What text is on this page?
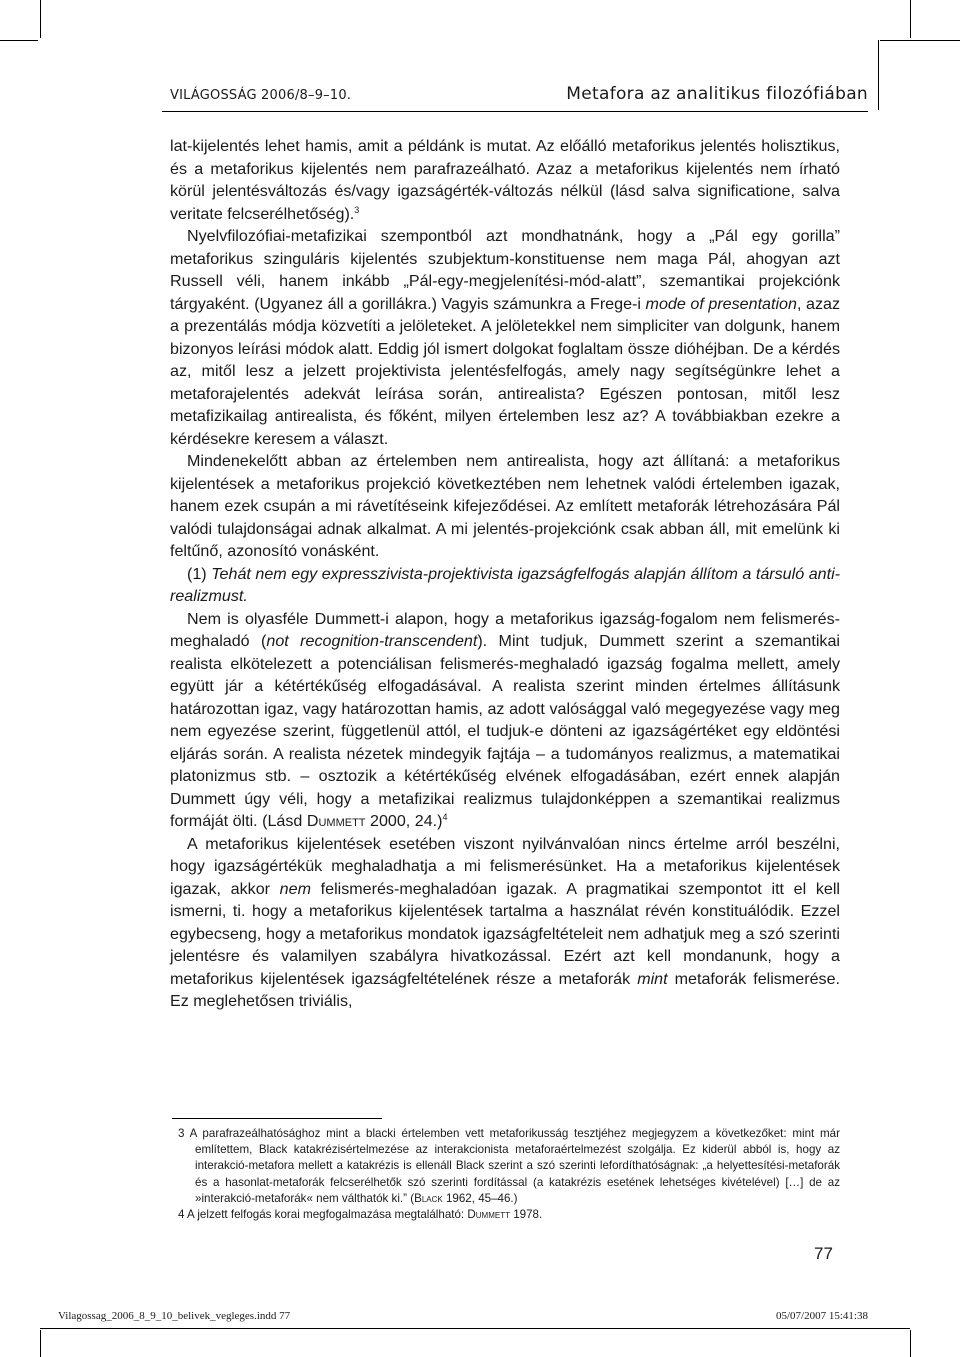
VILÁGOSSÁG 2006/8–9–10.	Metafora az analitikus filozófiában

lat-kijelentés lehet hamis, amit a példánk is mutat. Az előálló metaforikus jelentés holisztikus, és a metaforikus kijelentés nem parafrazeálható. Azaz a metaforikus kijelentés nem írható körül jelentésváltozás és/vagy igazságérték-változás nélkül (lásd salva significatione, salva veritate felcserélhetőség).$^3$

Nyelvfilozófiai-metafizikai szempontból azt mondhatnánk, hogy a „Pál egy gorilla” metaforikus szinguláris kijelentés szubjektum-konstituense nem maga Pál, ahogyan azt Russell véli, hanem inkább „Pál-egy-megjelenítési-mód-alatt”, szemantikai projekciónk tárgyaként. (Ugyanez áll a gorillákra.) Vagyis számunkra a Frege-i mode of presentation, azaz a prezentálás módja közvetíti a jelöleteket. A jelöletekkel nem simpliciter van dolgunk, hanem bizonyos leírási módok alatt. Eddig jól ismert dolgokat foglaltam össze dióhéjban. De a kérdés az, mitől lesz a jelzett projektivista jelentésfelfogás, amely nagy segítségünkre lehet a metaforajelentés adekvát leírása során, antirealista? Egészen pontosan, mitől lesz metafizikailag antirealista, és főként, milyen értelemben lesz az? A továbbiakban ezekre a kérdésekre keresem a választ.

Mindenekelőtt abban az értelemben nem antirealista, hogy azt állítaná: a metaforikus kijelentések a metaforikus projekció következtében nem lehetnek valódi értelemben igazak, hanem ezek csupán a mi rávetítéseink kifejeződései. Az említett metaforák létrehozására Pál valódi tulajdonságai adnak alkalmat. A mi jelentés-projekciónk csak abban áll, mit emelünk ki feltűnő, azonosító vonásként.

(1) Tehát nem egy expresszivista-projektivista igazságfelfogás alapján állítom a társuló anti-realizmust.

Nem is olyasféle Dummett-i alapon, hogy a metaforikus igazság-fogalom nem felismerés-meghaladó (not recognition-transcendent). Mint tudjuk, Dummett szerint a szemantikai realista elkötelezett a potenciálisan felismerés-meghaladó igazság fogalma mellett, amely együtt jár a kétértékűség elfogadásával. A realista szerint minden értelmes állításunk határozottan igaz, vagy határozottan hamis, az adott valósággal való megegyezése vagy meg nem egyezése szerint, függetlenül attól, el tudjuk-e dönteni az igazságértéket egy eldöntési eljárás során. A realista nézetek mindegyik fajtája – a tudományos realizmus, a matematikai platonizmus stb. – osztozik a kétértékűség elvének elfogadásában, ezért ennek alapján Dummett úgy véli, hogy a metafizikai realizmus tulajdonképpen a szemantikai realizmus formáját ölti. (Lásd Dummett 2000, 24.)$^4$

A metaforikus kijelentések esetében viszont nyilvánvalóan nincs értelme arról beszélni, hogy igazságértékük meghaladhatja a mi felismerésünket. Ha a metaforikus kijelentések igazak, akkor nem felismerés-meghaladóan igazak. A pragmatikai szempontot itt el kell ismerni, ti. hogy a metaforikus kijelentések tartalma a használat révén konstituálódik. Ezzel egybecseng, hogy a metaforikus mondatok igazságfeltételeit nem adhatjuk meg a szó szerinti jelentésre és valamilyen szabályra hivatkozással. Ezért azt kell mondanunk, hogy a metaforikus kijelentések igazságfeltételének része a metaforák mint metaforák felismerése. Ez meglehetősen triviális,

3 A parafrazeálhatósághoz mint a blacki értelemben vett metaforikusság tesztjéhez megjegyzem a következőket: mint már említettem, Black katakrézisértelmezése az interakcionista metaforaértelmezést szolgálja. Ez kiderül abból is, hogy az interakció-metafora mellett a katakrézis is ellenáll Black szerint a szó szerinti lefordíthatóságnak: „a helyettesítési-metaforák és a hasonlat-metaforák felcserélhetők szó szerinti fordítással (a katakrézis esetének lehetséges kivételével) […] de az »interakció-metaforák« nem válthatók ki.” (Black 1962, 45–46.)

4 A jelzett felfogás korai megfogalmazása megtalálható: Dummett 1978.

77
Vilagossag_2006_8_9_10_belivek_vegleges.indd 77	05/07/2007 15:41:38
